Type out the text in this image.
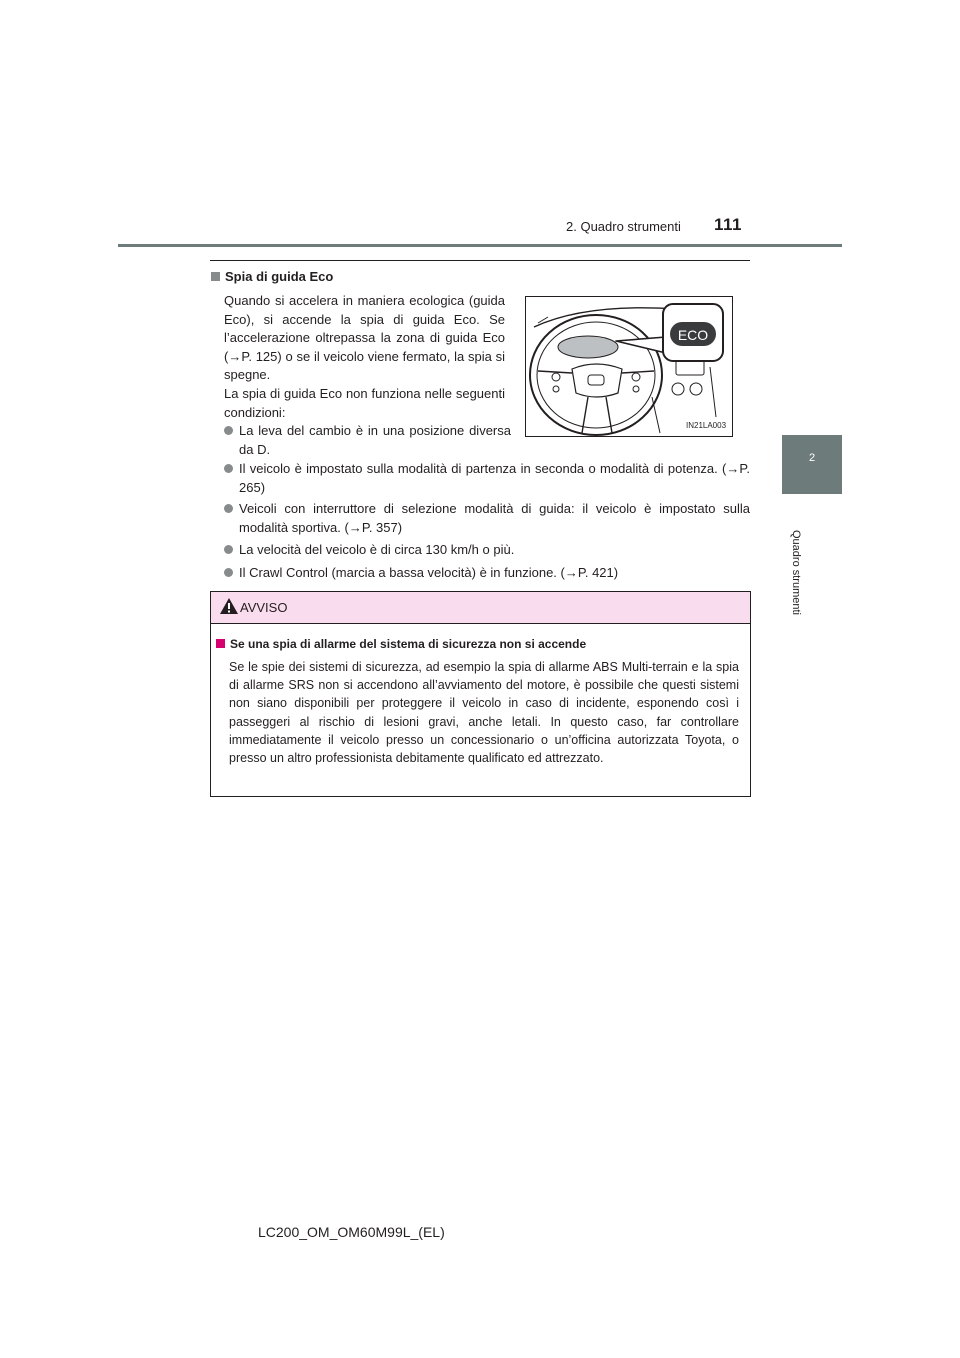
2. Quadro strumenti 111
2
Quadro strumenti
Spia di guida Eco
Quando si accelera in maniera ecologica (guida Eco), si accende la spia di guida Eco. Se l’accelerazione oltrepassa la zona di guida Eco (→P. 125) o se il veicolo viene fermato, la spia si spegne.
La spia di guida Eco non funziona nelle seguenti condizioni:
La leva del cambio è in una posizione diversa da D.
Il veicolo è impostato sulla modalità di partenza in seconda o modalità di potenza. (→P. 265)
Veicoli con interruttore di selezione modalità di guida: il veicolo è impostato sulla modalità sportiva. (→P. 357)
La velocità del veicolo è di circa 130 km/h o più.
Il Crawl Control (marcia a bassa velocità) è in funzione. (→P. 421)
ECO
IN21LA003
AVVISO
Se una spia di allarme del sistema di sicurezza non si accende
Se le spie dei sistemi di sicurezza, ad esempio la spia di allarme ABS Multi-terrain e la spia di allarme SRS non si accendono all’avviamento del motore, è possibile che questi sistemi non siano disponibili per proteggere il veicolo in caso di incidente, esponendo così i passeggeri al rischio di lesioni gravi, anche letali. In questo caso, far controllare immediatamente il veicolo presso un concessionario o un’officina autorizzata Toyota, o presso un altro professionista debitamente qualificato ed attrezzato.
LC200_OM_OM60M99L_(EL)
